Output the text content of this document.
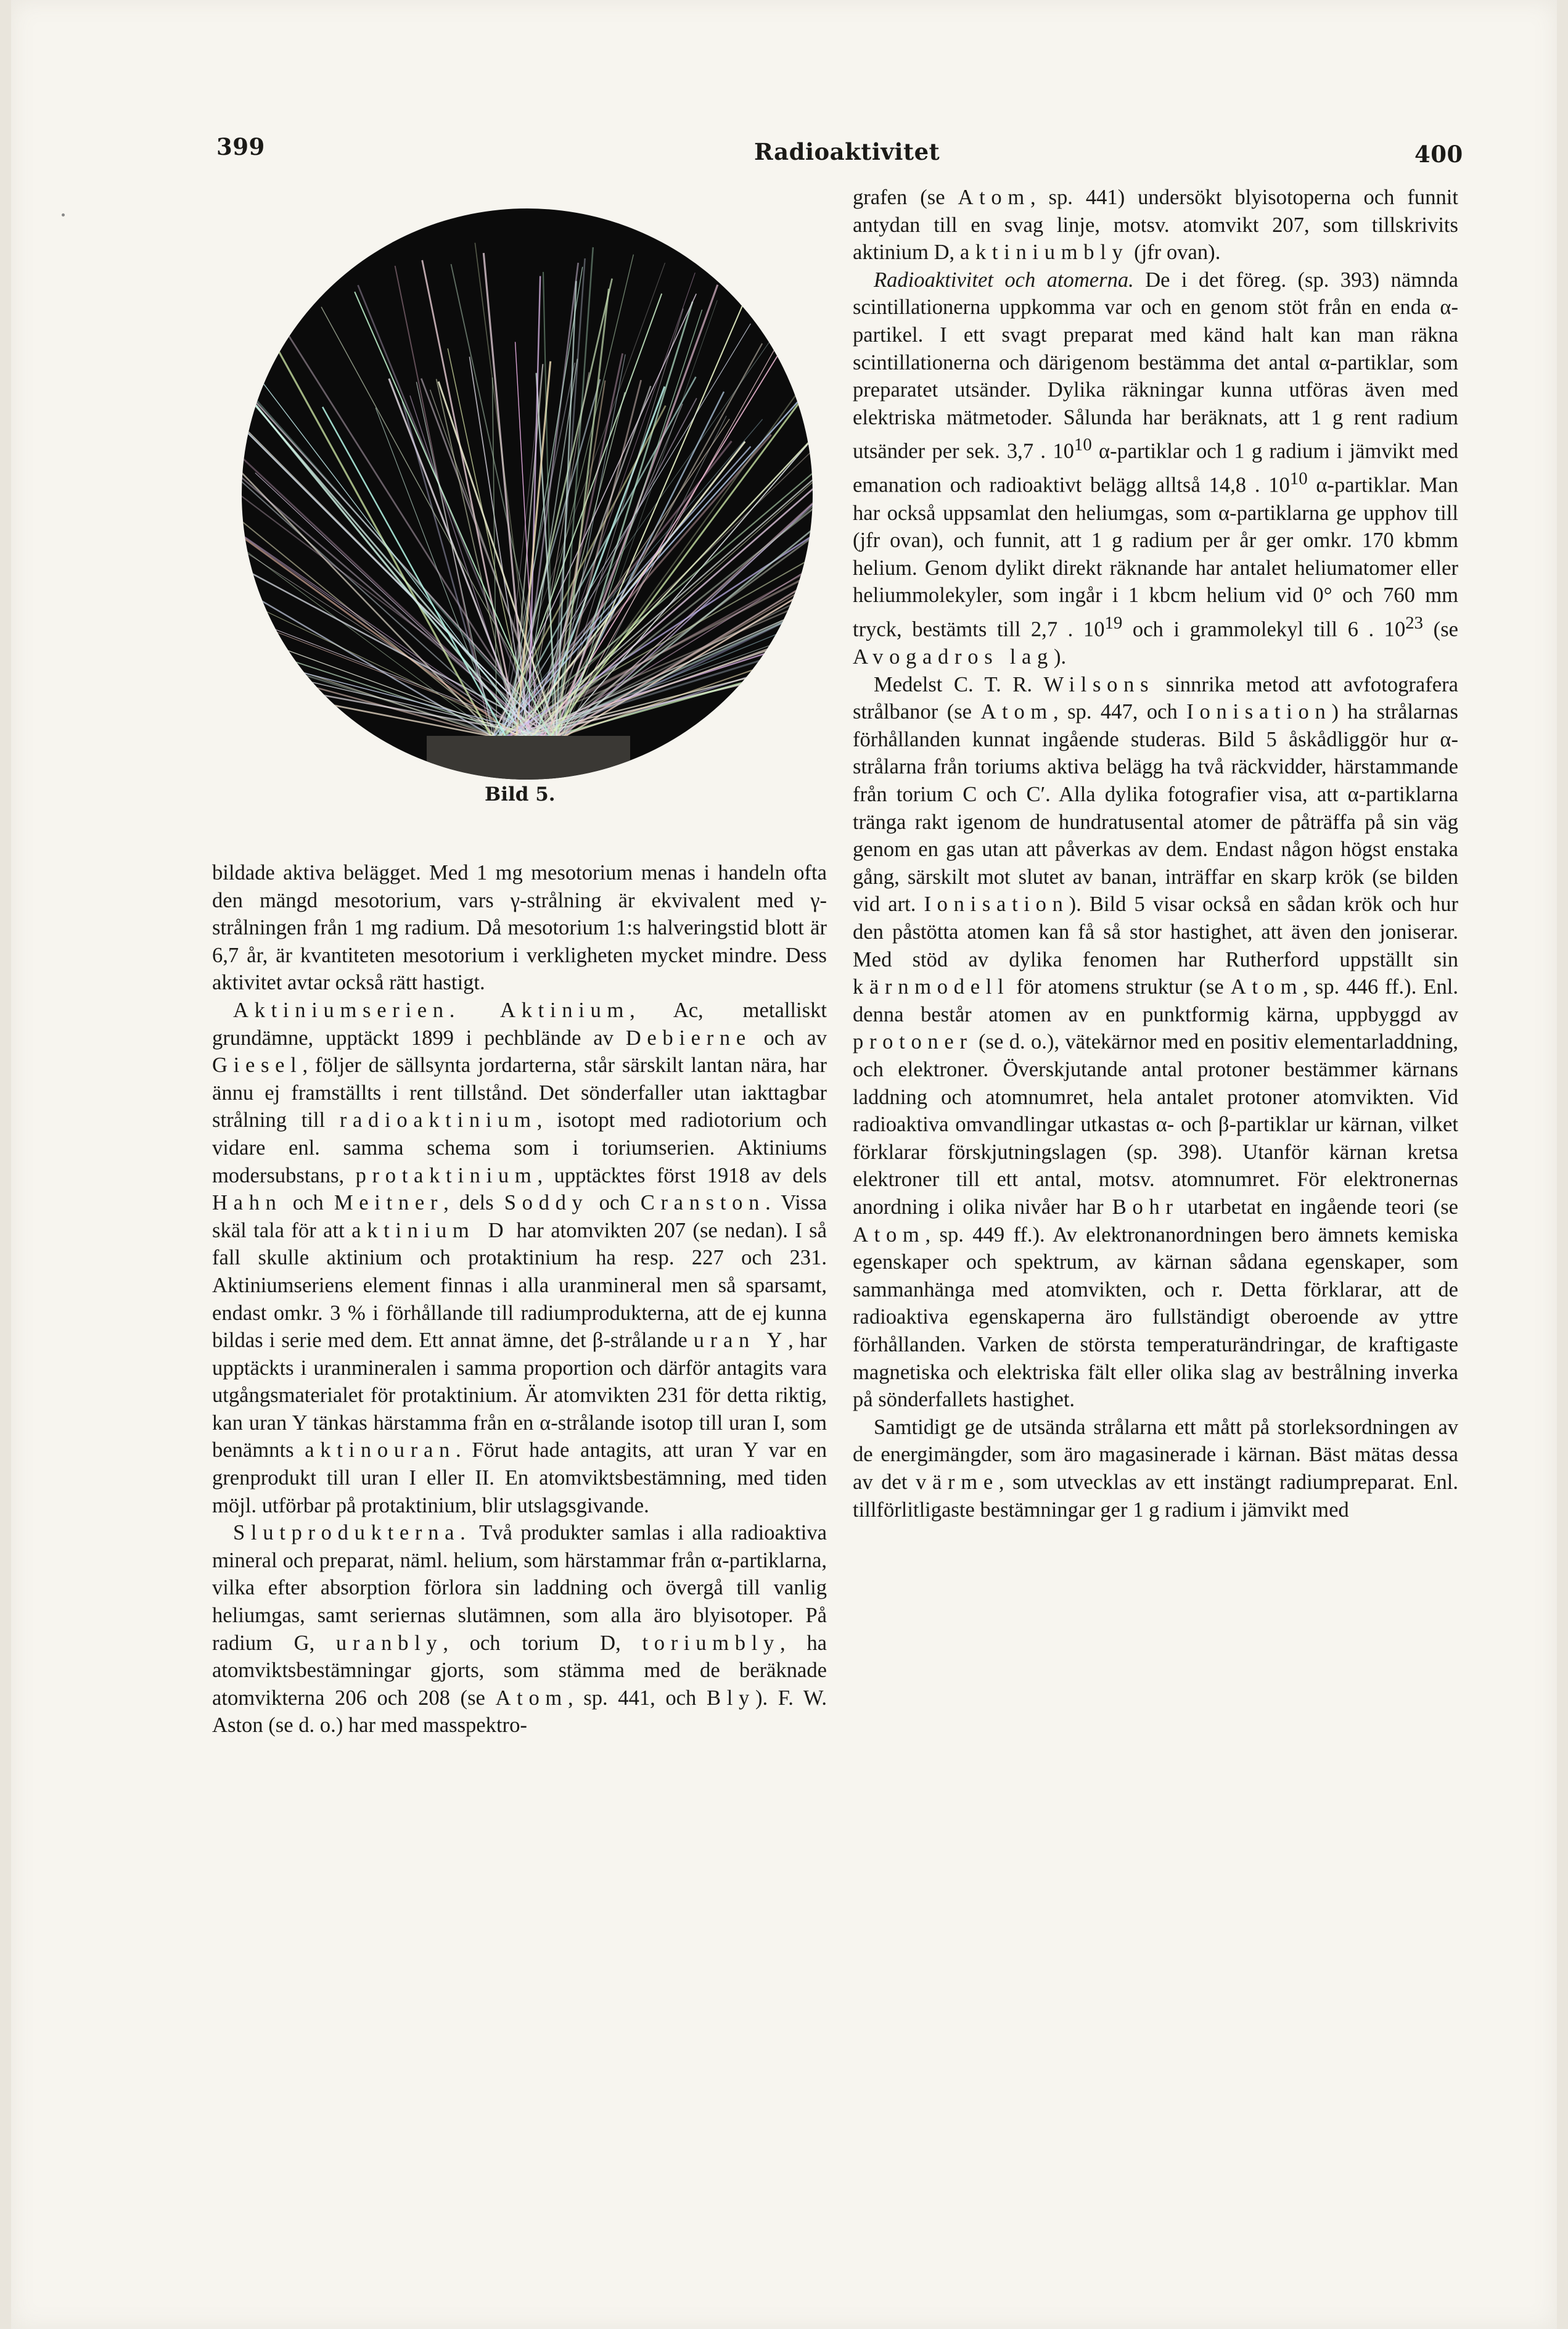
399	Radioaktivitet	400
Bild 5.

bildade aktiva belägget. Med 1 mg mesotorium menas i handeln ofta den mängd mesotorium, vars γ-strålning är ekvivalent med γ-strålningen från 1 mg radium. Då mesotorium 1:s halveringstid blott är 6,7 år, är kvantiteten mesotorium i verkligheten mycket mindre. Dess aktivitet avtar också rätt hastigt.

Aktiniumserien. Aktinium, Ac, metalliskt grundämne, upptäckt 1899 i pechblände av Debierne och av Giesel, följer de sällsynta jordarterna, står särskilt lantan nära, har ännu ej framställts i rent tillstånd. Det sönderfaller utan iakttagbar strålning till radioaktinium, isotopt med radiotorium och vidare enl. samma schema som i toriumserien. Aktiniums modersubstans, protaktinium, upptäcktes först 1918 av dels Hahn och Meitner, dels Soddy och Cranston. Vissa skäl tala för att aktinium D har atomvikten 207 (se nedan). I så fall skulle aktinium och protaktinium ha resp. 227 och 231. Aktiniumseriens element finnas i alla uranmineral men så sparsamt, endast omkr. 3 % i förhållande till radiumprodukterna, att de ej kunna bildas i serie med dem. Ett annat ämne, det β-strålande uran Y, har upptäckts i uranmineralen i samma proportion och därför antagits vara utgångsmaterialet för protaktinium. Är atomvikten 231 för detta riktig, kan uran Y tänkas härstamma från en α-strålande isotop till uran I, som benämnts aktinouran. Förut hade antagits, att uran Y var en grenprodukt till uran I eller II. En atomviktsbestämning, med tiden möjl. utförbar på protaktinium, blir utslagsgivande.

Slutprodukterna. Två produkter samlas i alla radioaktiva mineral och preparat, näml. helium, som härstammar från α-partiklarna, vilka efter absorption förlora sin laddning och övergå till vanlig heliumgas, samt seriernas slutämnen, som alla äro blyisotoper. På radium G, uranbly, och torium D, toriumbly, ha atomviktsbestämningar gjorts, som stämma med de beräknade atomvikterna 206 och 208 (se Atom, sp. 441, och Bly). F. W. Aston (se d. o.) har med masspektro-

grafen (se Atom, sp. 441) undersökt blyisotoperna och funnit antydan till en svag linje, motsv. atomvikt 207, som tillskrivits aktinium D, aktiniumbly (jfr ovan).

Radioaktivitet och atomerna. De i det föreg. (sp. 393) nämnda scintillationerna uppkomma var och en genom stöt från en enda α-partikel. I ett svagt preparat med känd halt kan man räkna scintillationerna och därigenom bestämma det antal α-partiklar, som preparatet utsänder. Dylika räkningar kunna utföras även med elektriska mätmetoder. Sålunda har beräknats, att 1 g rent radium utsänder per sek. 3,7 . $10^{10}$ α-partiklar och 1 g radium i jämvikt med emanation och radioaktivt belägg alltså 14,8 . $10^{10}$ α-partiklar. Man har också uppsamlat den heliumgas, som α-partiklarna ge upphov till (jfr ovan), och funnit, att 1 g radium per år ger omkr. 170 kbmm helium. Genom dylikt direkt räknande har antalet heliumatomer eller heliummolekyler, som ingår i 1 kbcm helium vid 0° och 760 mm tryck, bestämts till 2,7 . $10^{19}$ och i grammolekyl till 6 . $10^{23}$ (se Avogadros lag).

Medelst C. T. R. Wilsons sinnrika metod att avfotografera strålbanor (se Atom, sp. 447, och Ionisation) ha strålarnas förhållanden kunnat ingående studeras. Bild 5 åskådliggör hur α-strålarna från toriums aktiva belägg ha två räckvidder, härstammande från torium C och C′. Alla dylika fotografier visa, att α-partiklarna tränga rakt igenom de hundratusental atomer de påträffa på sin väg genom en gas utan att påverkas av dem. Endast någon högst enstaka gång, särskilt mot slutet av banan, inträffar en skarp krök (se bilden vid art. Ionisation). Bild 5 visar också en sådan krök och hur den påstötta atomen kan få så stor hastighet, att även den joniserar. Med stöd av dylika fenomen har Rutherford uppställt sin kärnmodell för atomens struktur (se Atom, sp. 446 ff.). Enl. denna består atomen av en punktformig kärna, uppbyggd av protoner (se d. o.), vätekärnor med en positiv elementarladdning, och elektroner. Överskjutande antal protoner bestämmer kärnans laddning och atomnumret, hela antalet protoner atomvikten. Vid radioaktiva omvandlingar utkastas α- och β-partiklar ur kärnan, vilket förklarar förskjutningslagen (sp. 398). Utanför kärnan kretsa elektroner till ett antal, motsv. atomnumret. För elektronernas anordning i olika nivåer har Bohr utarbetat en ingående teori (se Atom, sp. 449 ff.). Av elektronanordningen bero ämnets kemiska egenskaper och spektrum, av kärnan sådana egenskaper, som sammanhänga med atomvikten, och r. Detta förklarar, att de radioaktiva egenskaperna äro fullständigt oberoende av yttre förhållanden. Varken de största temperaturändringar, de kraftigaste magnetiska och elektriska fält eller olika slag av bestrålning inverka på sönderfallets hastighet.

Samtidigt ge de utsända strålarna ett mått på storleksordningen av de energimängder, som äro magasinerade i kärnan. Bäst mätas dessa av det värme, som utvecklas av ett instängt radiumpreparat. Enl. tillförlitligaste bestämningar ger 1 g radium i jämvikt med
